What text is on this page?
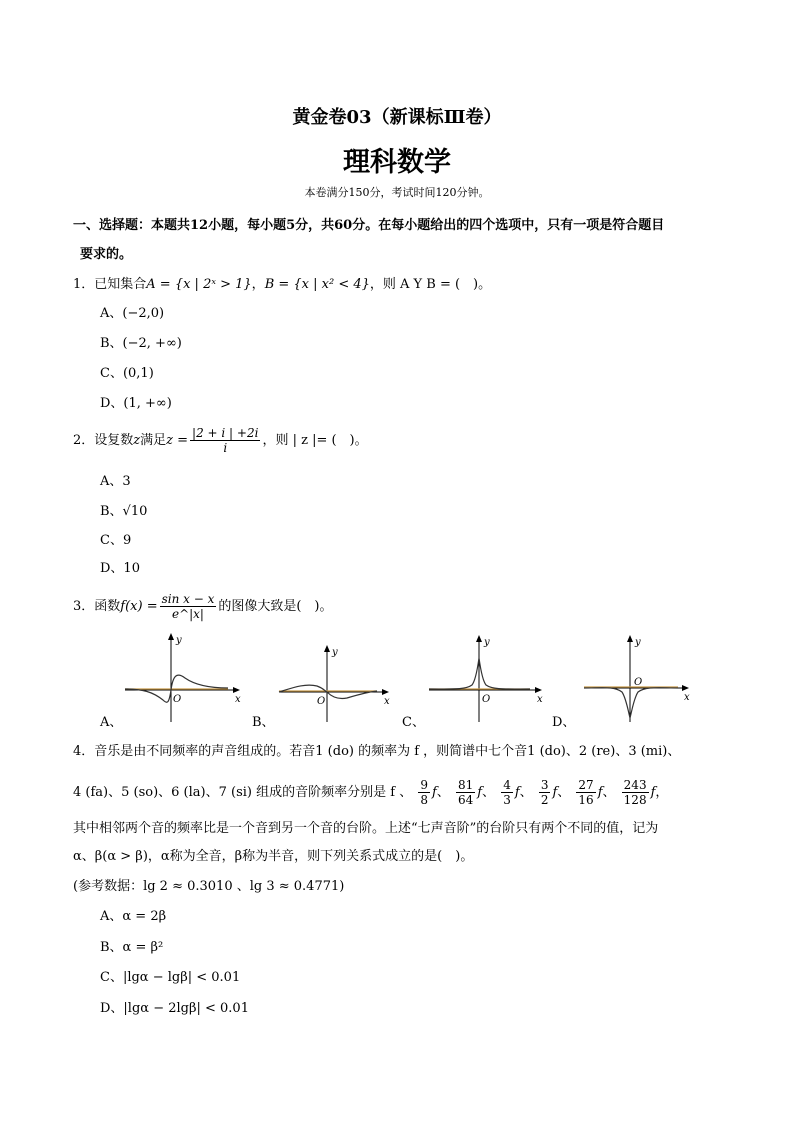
黄金卷03（新课标Ⅲ卷）
理科数学
本卷满分150分，考试时间120分钟。
一、选择题：本题共12小题，每小题5分，共60分。在每小题给出的四个选项中，只有一项是符合题目
要求的。
1．已知集合A = {x | 2ˣ > 1}，B = {x | x² < 4}，则 A Y B = (　)。
A、(−2,0)
B、(−2, +∞)
C、(0,1)
D、(1, +∞)
2．设复数z满足$z = \frac{|2 + i | +2i}{i}$ ，则 | z |= (　)。
A、3
B、√10
C、9
D、10
3．函数$f(x) = \frac{\text{sin x − x}}{e\^{}|x|}$ 的图像大致是(　)。
y
x
O
A、
y
x
O
B、
y
x
O
C、
y
x
O
D、
4．音乐是由不同频率的声音组成的。若音1 (do) 的频率为 f ，则简谱中七个音1 (do)、2 (re)、3 (mi)、
4 (fa)、5 (so)、6 (la)、7 (si) 组成的音阶频率分别是 f 、 $\frac{9}{8}$ f、 $\frac{81}{64}$ f、 $\frac{4}{3}$ f、 $\frac{3}{2}$ f、 $\frac{27}{16}$ f、 $\frac{243}{128}$ f，
其中相邻两个音的频率比是一个音到另一个音的台阶。上述“七声音阶”的台阶只有两个不同的值，记为
α、β(α > β)，α称为全音，β称为半音，则下列关系式成立的是(　)。
(参考数据：lg 2 ≈ 0.3010 、lg 3 ≈ 0.4771)
A、α = 2β
B、α = β²
C、|lgα − lgβ| < 0.01
D、|lgα − 2lgβ| < 0.01
